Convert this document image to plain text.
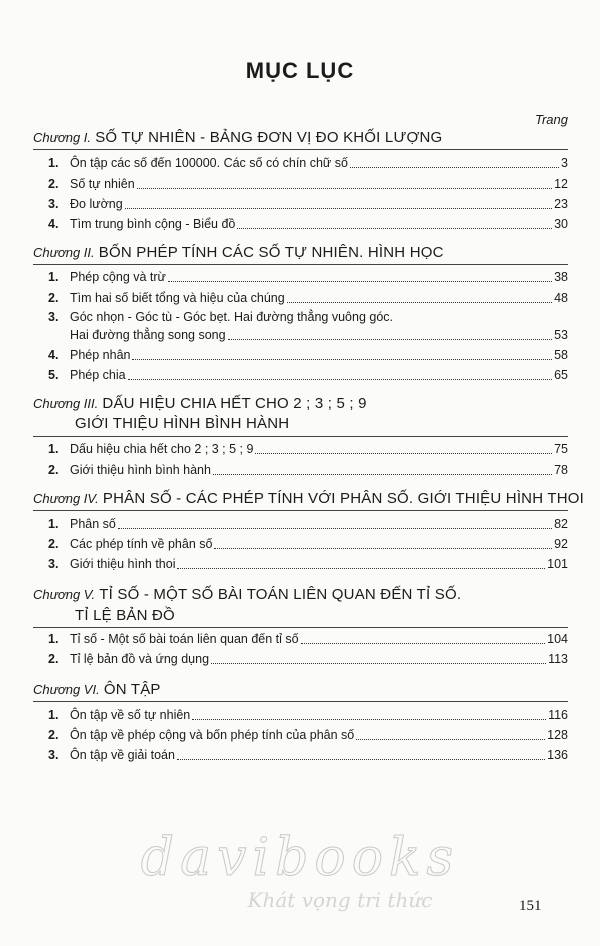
MỤC LỤC
Trang
Chương I. SỐ TỰ NHIÊN - BẢNG ĐƠN VỊ ĐO KHỐI LƯỢNG
1. Ôn tập các số đến 100000. Các số có chín chữ số	3
2. Số tự nhiên	12
3. Đo lường	23
4. Tìm trung bình cộng - Biểu đồ	30
Chương II. BỐN PHÉP TÍNH CÁC SỐ TỰ NHIÊN. HÌNH HỌC
1. Phép cộng và trừ	38
2. Tìm hai số biết tổng và hiệu của chúng	48
3. Góc nhọn - Góc tù - Góc bẹt. Hai đường thẳng vuông góc.
Hai đường thẳng song song	53
4. Phép nhân	58
5. Phép chia	65
Chương III. DẤU HIỆU CHIA HẾT CHO 2 ; 3 ; 5 ; 9
GIỚI THIỆU HÌNH BÌNH HÀNH
1. Dấu hiệu chia hết cho 2 ; 3 ; 5 ; 9	75
2. Giới thiệu hình bình hành	78
Chương IV. PHÂN SỐ - CÁC PHÉP TÍNH VỚI PHÂN SỐ. GIỚI THIỆU HÌNH THOI
1. Phân số	82
2. Các phép tính về phân số	92
3. Giới thiệu hình thoi	101
Chương V. TỈ SỐ - MỘT SỐ BÀI TOÁN LIÊN QUAN ĐẾN TỈ SỐ.
TỈ LỆ BẢN ĐỒ
1. Tỉ số - Một số bài toán liên quan đến tỉ số	104
2. Tỉ lệ bản đồ và ứng dụng	113
Chương VI. ÔN TẬP
1. Ôn tập về số tự nhiên	116
2. Ôn tập về phép cộng và bốn phép tính của phân số	128
3. Ôn tập về giải toán	136
davibooks
Khát vọng tri thức	151
